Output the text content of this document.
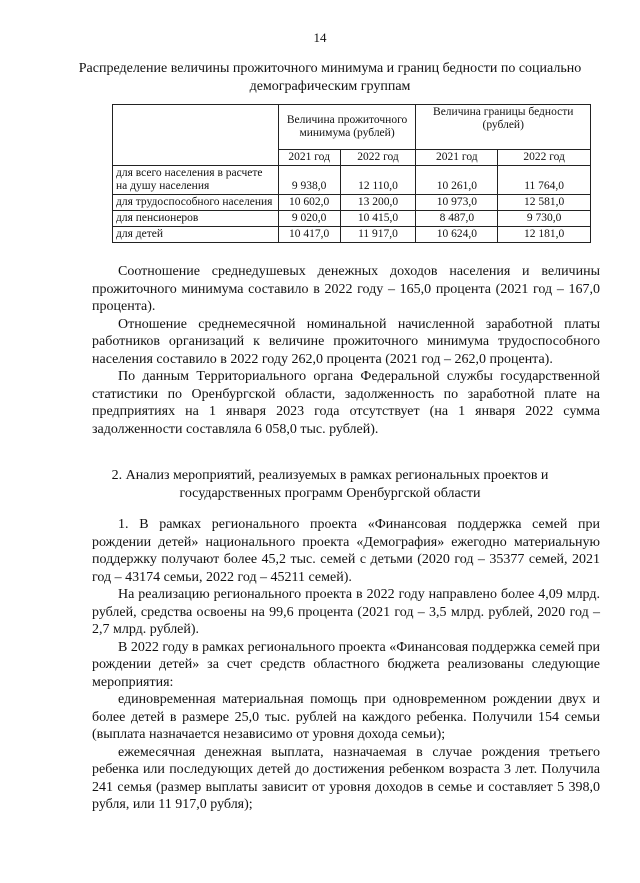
14
Распределение величины прожиточного минимума и границ бедности по социально демографическим группам
	Величина прожиточного минимума (рублей)		Величина границы бедности (рублей)	
	2021 год	2022 год	2021 год	2022 год
для всего населения в расчете на душу населения	9 938,0	12 110,0	10 261,0	11 764,0
для трудоспособного населения	10 602,0	13 200,0	10 973,0	12 581,0
для пенсионеров	9 020,0	10 415,0	8 487,0	9 730,0
для детей	10 417,0	11 917,0	10 624,0	12 181,0

Соотношение среднедушевых денежных доходов населения и величины прожиточного минимума составило в 2022 году – 165,0 процента (2021 год – 167,0 процента).

Отношение среднемесячной номинальной начисленной заработной платы работников организаций к величине прожиточного минимума трудоспособного населения составило в 2022 году 262,0 процента (2021 год – 262,0 процента).

По данным Территориального органа Федеральной службы государственной статистики по Оренбургской области, задолженность по заработной плате на предприятиях на 1 января 2023 года отсутствует (на 1 января 2022 сумма задолженности составляла 6 058,0 тыс. рублей).

2. Анализ мероприятий, реализуемых в рамках региональных проектов и государственных программ Оренбургской области

1. В рамках регионального проекта «Финансовая поддержка семей при рождении детей» национального проекта «Демография» ежегодно материальную поддержку получают более 45,2 тыс. семей с детьми (2020 год – 35377 семей, 2021 год – 43174 семьи, 2022 год – 45211 семей).

На реализацию регионального проекта в 2022 году направлено более 4,09 млрд. рублей, средства освоены на 99,6 процента (2021 год – 3,5 млрд. рублей, 2020 год – 2,7 млрд. рублей).

В 2022 году в рамках регионального проекта «Финансовая поддержка семей при рождении детей» за счет средств областного бюджета реализованы следующие мероприятия:

единовременная материальная помощь при одновременном рождении двух и более детей в размере 25,0 тыс. рублей на каждого ребенка. Получили 154 семьи (выплата назначается независимо от уровня дохода семьи);

ежемесячная денежная выплата, назначаемая в случае рождения третьего ребенка или последующих детей до достижения ребенком возраста 3 лет. Получила 241 семья (размер выплаты зависит от уровня доходов в семье и составляет 5 398,0 рубля, или 11 917,0 рубля);
